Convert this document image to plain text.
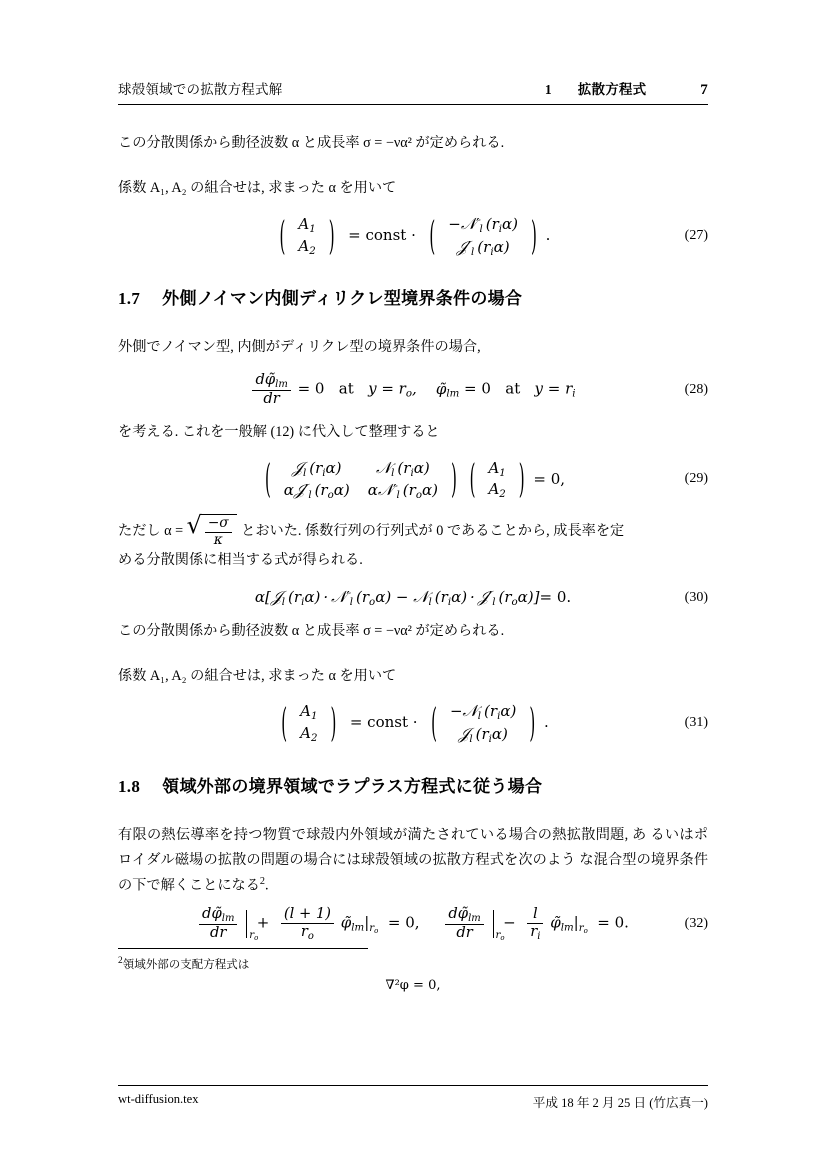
球殻領域での拡散方程式解	1 拡散方程式	7

この分散関係から動径波数 α と成長率 σ = −να² が定められる.

係数 A₁, A₂ の組合せは, 求まった α を用いて

( $A_1$
$A_2$ ) = const · ( $-𝒩'_l$ $(r_i\alpha)$
$𝒥'_l$ $(r_i\alpha)$ ) .	(27)
1.7 外側ノイマン内側ディリクレ型境界条件の場合

外側でノイマン型, 内側がディリクレ型の境界条件の場合,

$\frac{d\varphĩ_{lm}}{dr} = 0$ at   $y = r_o$,    $\varphĩ_{lm} = 0$ at   $y = r_i$	(28)

を考える. これを一般解 (12) に代入して整理すると

( 𝒥$_l$ $(r_i\alpha)$	𝒩$_l$ $(r_i\alpha)$
$\alpha 𝒥'_l$ $(r_o\alpha)$	$\alpha 𝒩'_l$ $(r_o\alpha)$ )
( $A_1$
$A_2$ ) = 0,	(29)

ただし α = √ $\frac{-\sigma}{\kappa}$ とおいた. 係数行列の行列式が 0 であることから, 成長率を定

める分散関係に相当する式が得られる.

α[𝒥$_l$ $(r_i\alpha)$ · $𝒩'_l$ $(r_o\alpha)$ − 𝒩$_l$ $(r_i\alpha)$ · $𝒥'_l$ $(r_o\alpha)]= 0$.	(30)

この分散関係から動径波数 α と成長率 σ = −να² が定められる.

係数 A₁, A₂ の組合せは, 求まった α を用いて

( $A_1$
$A_2$ ) = const · ( −𝒩$_l$ $(r_i\alpha)$
𝒥$_l$ $(r_i\alpha)$ ) .	(31)
1.8 領域外部の境界領域でラプラス方程式に従う場合

有限の熱伝導率を持つ物質で球殻内外領域が満たされている場合の熱拡散問題, あ るいはポロイダル磁場の拡散の問題の場合には球殻領域の拡散方程式を次のよう な混合型の境界条件の下で解くことになる$^2$.

$\frac{d\varphĩ_{lm}}{dr}$
$r_o$
+ $\frac{(l + 1)}{r_o}$ $\varphĩ_{lm}|_{r_o} = 0$, $\frac{d\varphĩ_{lm}}{dr}$
$r_o$
− $\frac{l}{r_i}$ $\varphĩ_{lm}|_{r_o} = 0$.	(32)
$^2$領域外部の支配方程式は
∇²φ = 0,
wt‑diffusion.tex	平成 18 年 2 月 25 日 (竹広真一)
